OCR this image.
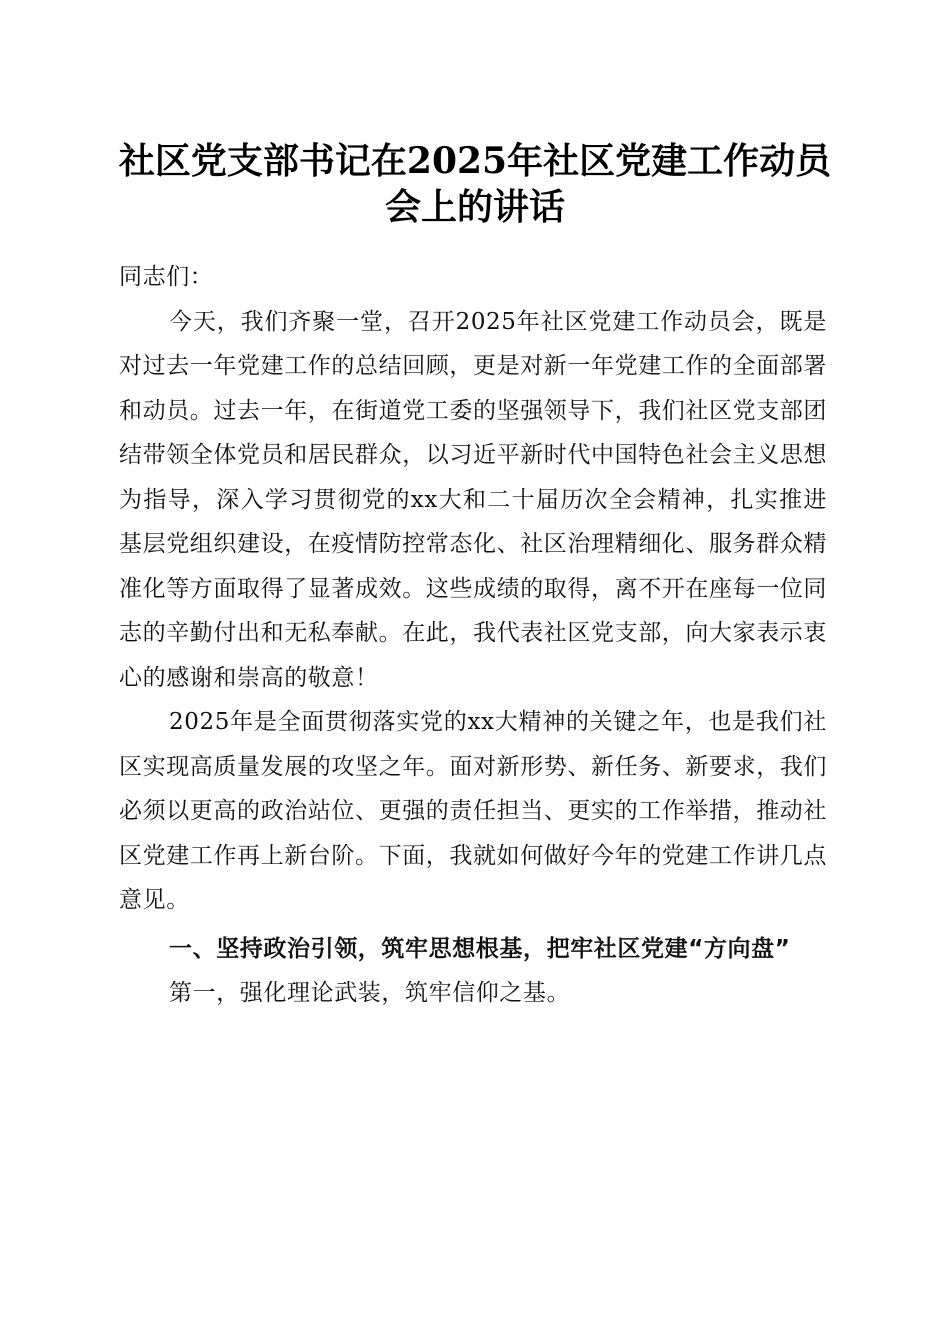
社区党支部书记在2025年社区党建工作动员
会上的讲话

同志们：

今天，我们齐聚一堂，召开2025年社区党建工作动员会，既是对过去一年党建工作的总结回顾，更是对新一年党建工作的全面部署和动员。过去一年，在街道党工委的坚强领导下，我们社区党支部团结带领全体党员和居民群众，以习近平新时代中国特色社会主义思想为指导，深入学习贯彻党的xx大和二十届历次全会精神，扎实推进基层党组织建设，在疫情防控常态化、社区治理精细化、服务群众精准化等方面取得了显著成效。这些成绩的取得，离不开在座每一位同志的辛勤付出和无私奉献。在此，我代表社区党支部，向大家表示衷心的感谢和崇高的敬意！

2025年是全面贯彻落实党的xx大精神的关键之年，也是我们社区实现高质量发展的攻坚之年。面对新形势、新任务、新要求，我们必须以更高的政治站位、更强的责任担当、更实的工作举措，推动社区党建工作再上新台阶。下面，我就如何做好今年的党建工作讲几点意见。

一、坚持政治引领，筑牢思想根基，把牢社区党建“方向盘”

第一，强化理论武装，筑牢信仰之基。
